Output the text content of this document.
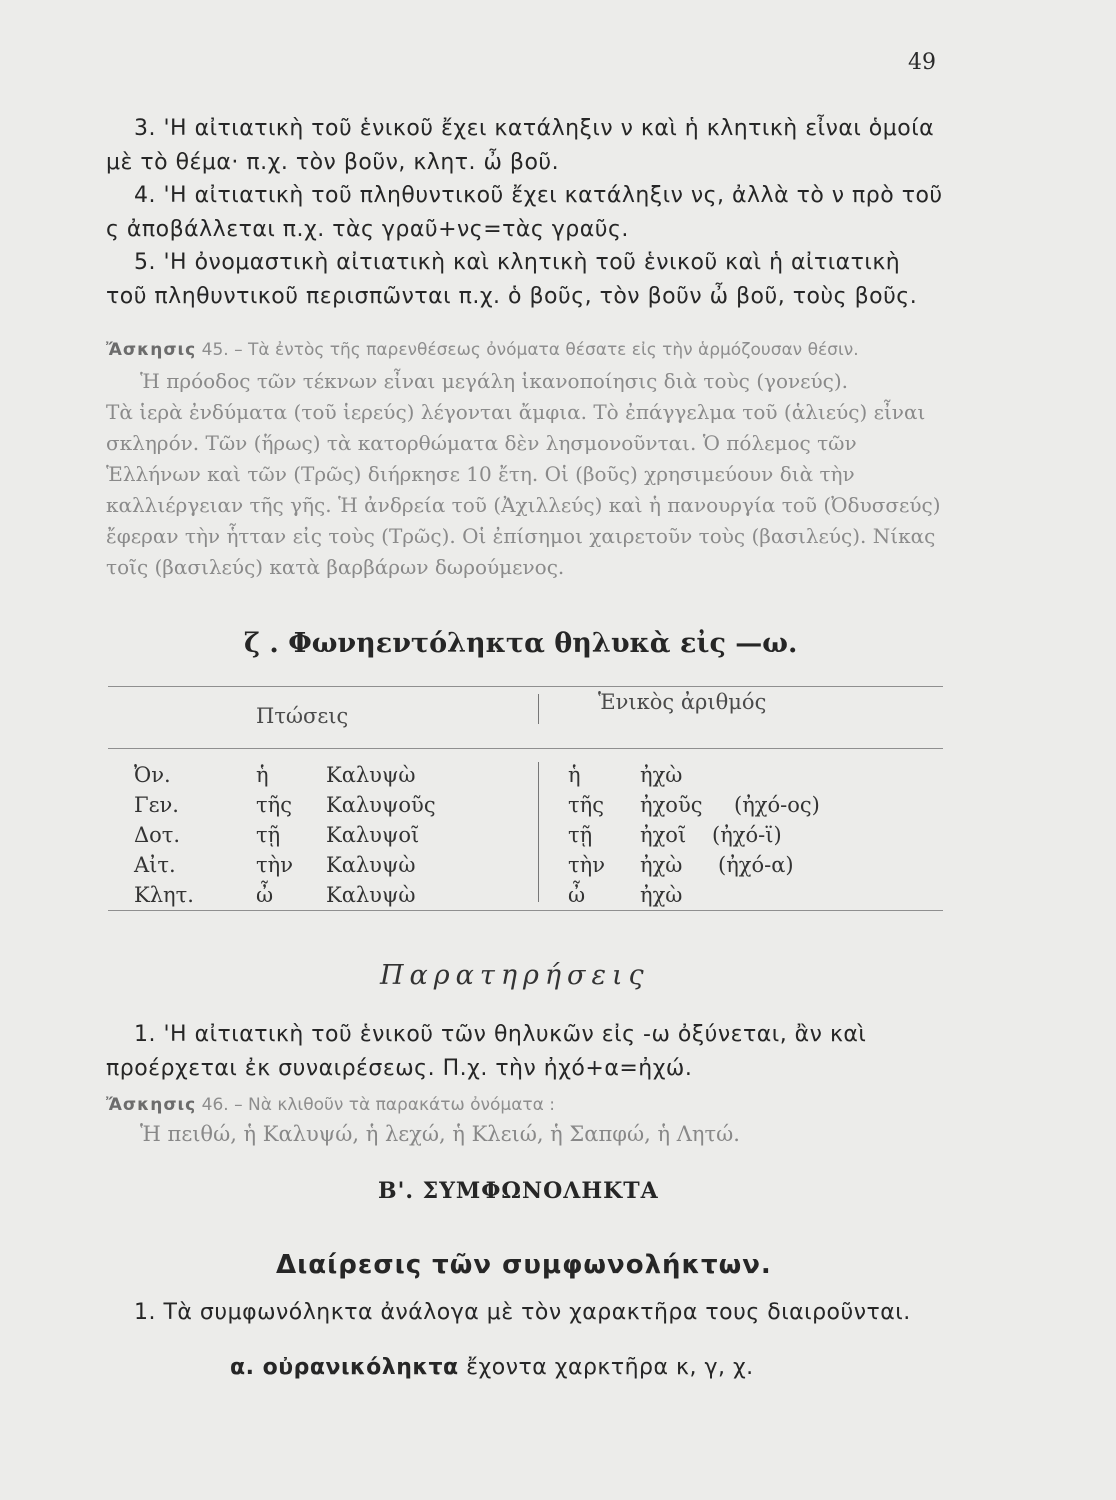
49

3. 'Η αἰτιατικὴ τοῦ ἑνικοῦ ἔχει κατάληξιν ν καὶ ἡ κλητικὴ εἶναι ὁμοία μὲ τὸ θέμα· π.χ. τὸν βοῦν, κλητ. ὦ βοῦ.

4. 'Η αἰτιατικὴ τοῦ πληθυντικοῦ ἔχει κατάληξιν νς, ἀλλὰ τὸ ν πρὸ τοῦ ς ἀποβάλλεται π.χ. τὰς γραῦ+νς=τὰς γραῦς.

5. 'Η ὀνομαστικὴ αἰτιατικὴ καὶ κλητικὴ τοῦ ἑνικοῦ καὶ ἡ αἰτιατικὴ τοῦ πληθυντικοῦ περισπῶνται π.χ. ὁ βοῦς, τὸν βοῦν ὦ βοῦ, τοὺς βοῦς.

Ἄσκησις 45. – Τὰ ἐντὸς τῆς παρενθέσεως ὀνόματα θέσατε εἰς τὴν ἁρμόζουσαν θέσιν.

Ἡ πρόοδος τῶν τέκνων εἶναι μεγάλη ἱκανοποίησις διὰ τοὺς (γονεύς).

Τὰ ἱερὰ ἐνδύματα (τοῦ ἱερεύς) λέγονται ἄμφια. Τὸ ἐπάγγελμα τοῦ (ἁλιεύς) εἶναι σκληρόν. Τῶν (ἥρως) τὰ κατορθώματα δὲν λησμονοῦνται. Ὁ πόλεμος τῶν Ἑλλήνων καὶ τῶν (Τρῶς) διήρκησε 10 ἔτη. Οἱ (βοῦς) χρησιμεύουν διὰ τὴν καλλιέργειαν τῆς γῆς. Ἡ ἀνδρεία τοῦ (Ἀχιλλεύς) καὶ ἡ πανουργία τοῦ (Ὀδυσσεύς) ἔφεραν τὴν ἧτταν εἰς τοὺς (Τρῶς). Οἱ ἐπίσημοι χαιρετοῦν τοὺς (βασιλεύς). Νίκας τοῖς (βασιλεύς) κατὰ βαρβάρων δωρούμενος.

ζ . Φωνηεντόληκτα θηλυκὰ εἰς —ω.
Πτώσεις
Ἑνικὸς ἀριθμός
Ὀν.	ἡ	Καλυψὼ	ἡ	ἠχὼ
Γεν.	τῆς Καλυψοῦς	τῆς ἠχοῦς (ἠχό-ος)
Δοτ.	τῇ Καλυψοῖ	τῇ ἠχοῖ (ἠχό-ϊ)
Αἰτ.	τὴν Καλυψὼ	τὴν ἠχὼ (ἠχό-α)
Κλητ.	ὦ	Καλυψὼ	ὦ	ἠχὼ
Παρατηρήσεις

1. 'Η αἰτιατικὴ τοῦ ἑνικοῦ τῶν θηλυκῶν εἰς -ω ὀξύνεται, ἂν καὶ προέρχεται ἐκ συναιρέσεως. Π.χ. τὴν ἠχό+α=ἠχώ.

Ἄσκησις 46. – Νὰ κλιθοῦν τὰ παρακάτω ὀνόματα :

Ἡ πειθώ, ἡ Καλυψώ, ἡ λεχώ, ἡ Κλειώ, ἡ Σαπφώ, ἡ Λητώ.
Β'. ΣΥΜΦΩΝΟΛΗΚΤΑ
Διαίρεσις τῶν συμφωνολήκτων.

1. Τὰ συμφωνόληκτα ἀνάλογα μὲ τὸν χαρακτῆρα τους διαιροῦνται.

α. οὐρανικόληκτα ἔχοντα χαρκτῆρα κ, γ, χ.
